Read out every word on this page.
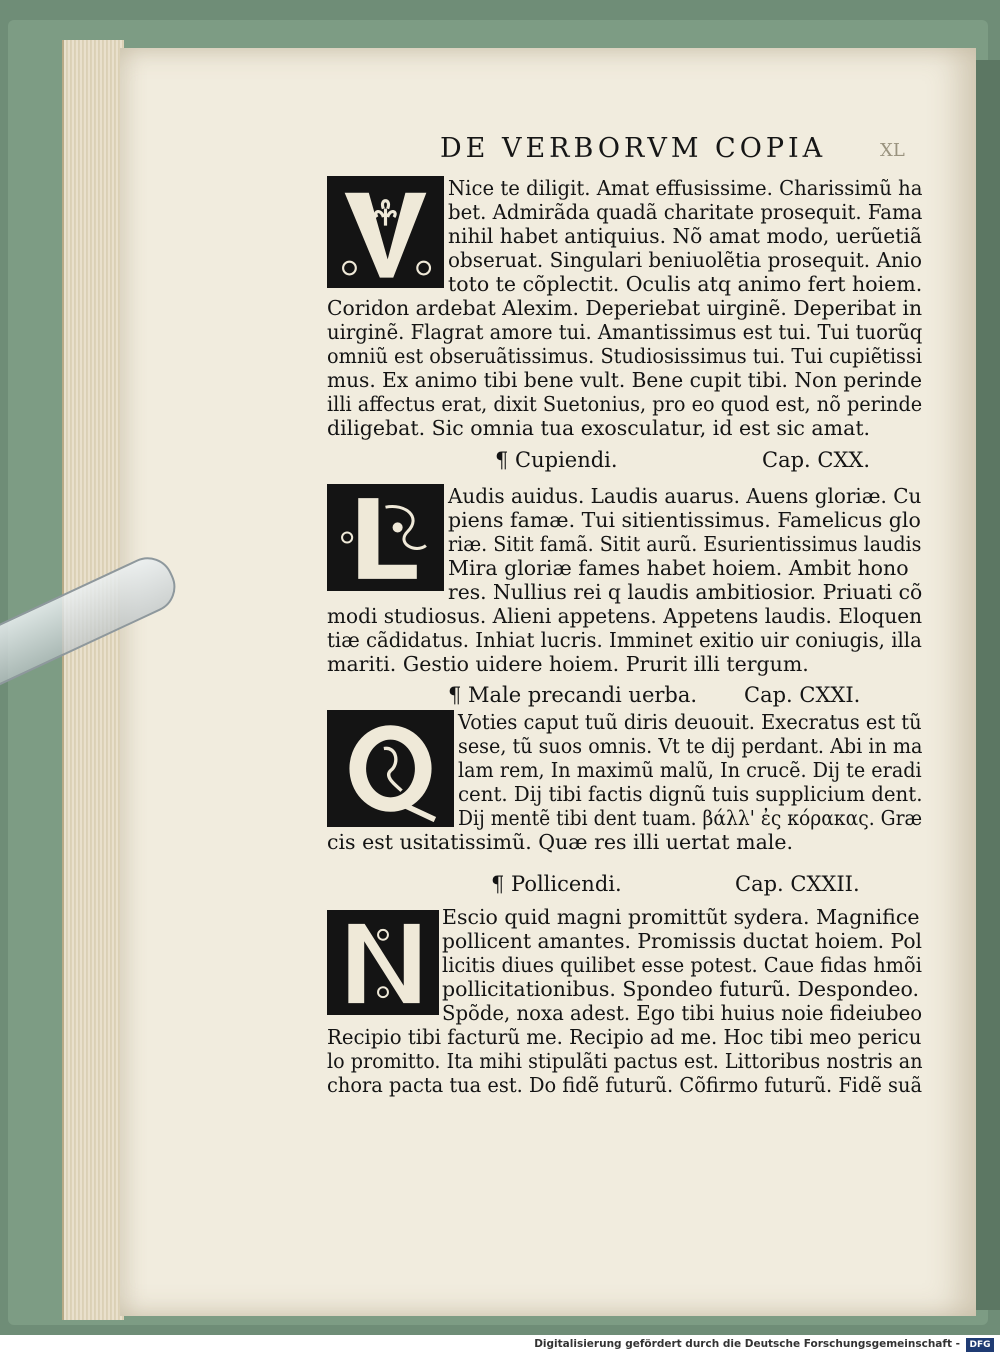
XL
DE VERBORVM COPIA
Nice te diligit. Amat effusissime. Charissimũ ha
bet. Admirãda quadã charitate prosequit. Fama
nihil habet antiquius. Nõ amat modo, uerũetiã
obseruat. Singulari beniuolẽtia prosequit. Anio
toto te cõplectit. Oculis atq animo fert hoiem.
Coridon ardebat Alexim. Deperiebat uirginẽ. Deperibat in
uirginẽ. Flagrat amore tui. Amantissimus est tui. Tui tuorũq
omniũ est obseruãtissimus. Studiosissimus tui. Tui cupiẽtissi
mus. Ex animo tibi bene vult. Bene cupit tibi. Non perinde
illi affectus erat, dixit Suetonius, pro eo quod est, nõ perinde
diligebat. Sic omnia tua exosculatur, id est sic amat.
¶ Cupiendi.	Cap. CXX.
Audis auidus. Laudis auarus. Auens gloriæ. Cu
piens famæ. Tui sitientissimus. Famelicus glo
riæ. Sitit famã. Sitit aurũ. Esurientissimus laudis
Mira gloriæ fames habet hoiem. Ambit hono
res. Nullius rei q laudis ambitiosior. Priuati cõ
modi studiosus. Alieni appetens. Appetens laudis. Eloquen
tiæ cãdidatus. Inhiat lucris. Imminet exitio uir coniugis, illa
mariti. Gestio uidere hoiem. Prurit illi tergum.
¶ Male precandi uerba. Cap. CXXI.
Voties caput tuũ diris deuouit. Execratus est tũ
sese, tũ suos omnis. Vt te dij perdant. Abi in ma
lam rem, In maximũ malũ, In crucẽ. Dij te eradi
cent. Dij tibi factis dignũ tuis supplicium dent.
Dij mentẽ tibi dent tuam. βάλλ' ἐς κόρακας. Græ
cis est usitatissimũ. Quæ res illi uertat male.
¶ Pollicendi.	Cap. CXXII.
Escio quid magni promittũt sydera. Magnifice
pollicent amantes. Promissis ductat hoiem. Pol
licitis diues quilibet esse potest. Caue fidas hmõi
pollicitationibus. Spondeo futurũ. Despondeo.
Spõde, noxa adest. Ego tibi huius noie fideiubeo
Recipio tibi facturũ me. Recipio ad me. Hoc tibi meo pericu
lo promitto. Ita mihi stipulãti pactus est. Littoribus nostris an
chora pacta tua est. Do fidẽ futurũ. Cõfirmo futurũ. Fidẽ suã
Digitalisierung gefördert durch die Deutsche Forschungsgemeinschaft -	DFG
